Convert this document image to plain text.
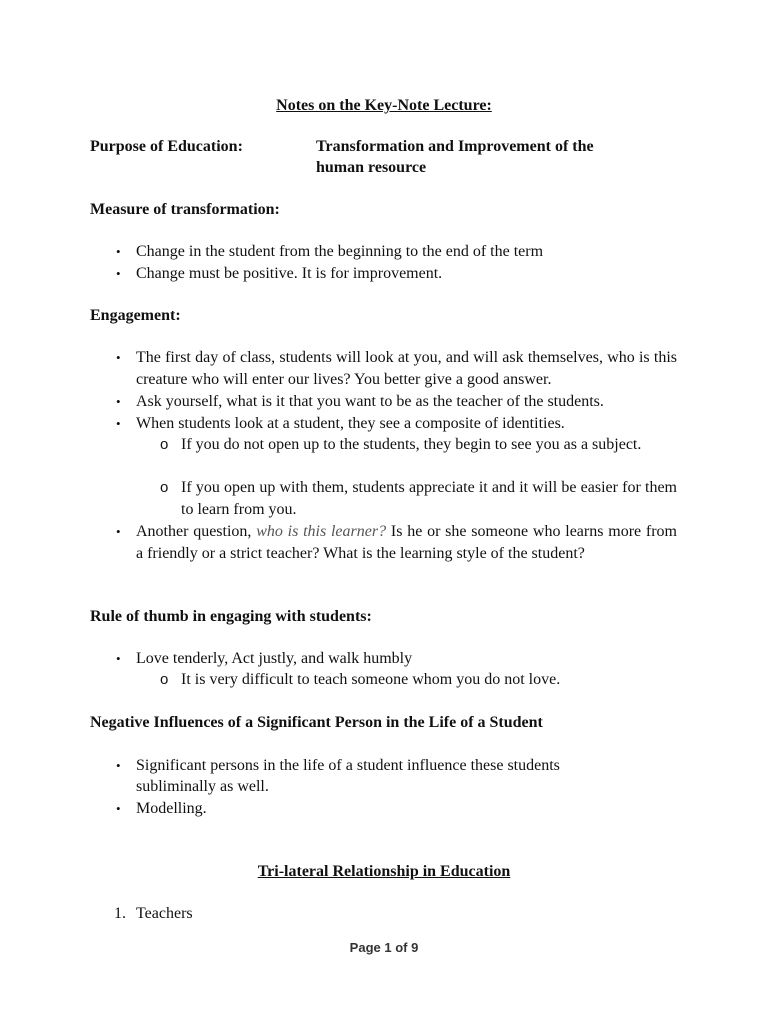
Notes on the Key-Note Lecture:
Purpose of Education:	Transformation and Improvement of the
human resource
Measure of transformation:
• Change in the student from the beginning to the end of the term
• Change must be positive. It is for improvement.
Engagement:
• The first day of class, students will look at you, and will ask themselves, who is this creature who will enter our lives? You better give a good answer.
• Ask yourself, what is it that you want to be as the teacher of the students.
• When students look at a student, they see a composite of identities.
o If you do not open up to the students, they begin to see you as a subject.
o If you open up with them, students appreciate it and it will be easier for them to learn from you.
• Another question, who is this learner? Is he or she someone who learns more from a friendly or a strict teacher? What is the learning style of the student?
Rule of thumb in engaging with students:
• Love tenderly, Act justly, and walk humbly
o It is very difficult to teach someone whom you do not love.
Negative Influences of a Significant Person in the Life of a Student
• Significant persons in the life of a student influence these students
subliminally as well.
• Modelling.
Tri-lateral Relationship in Education
1. Teachers
Page 1 of 9
